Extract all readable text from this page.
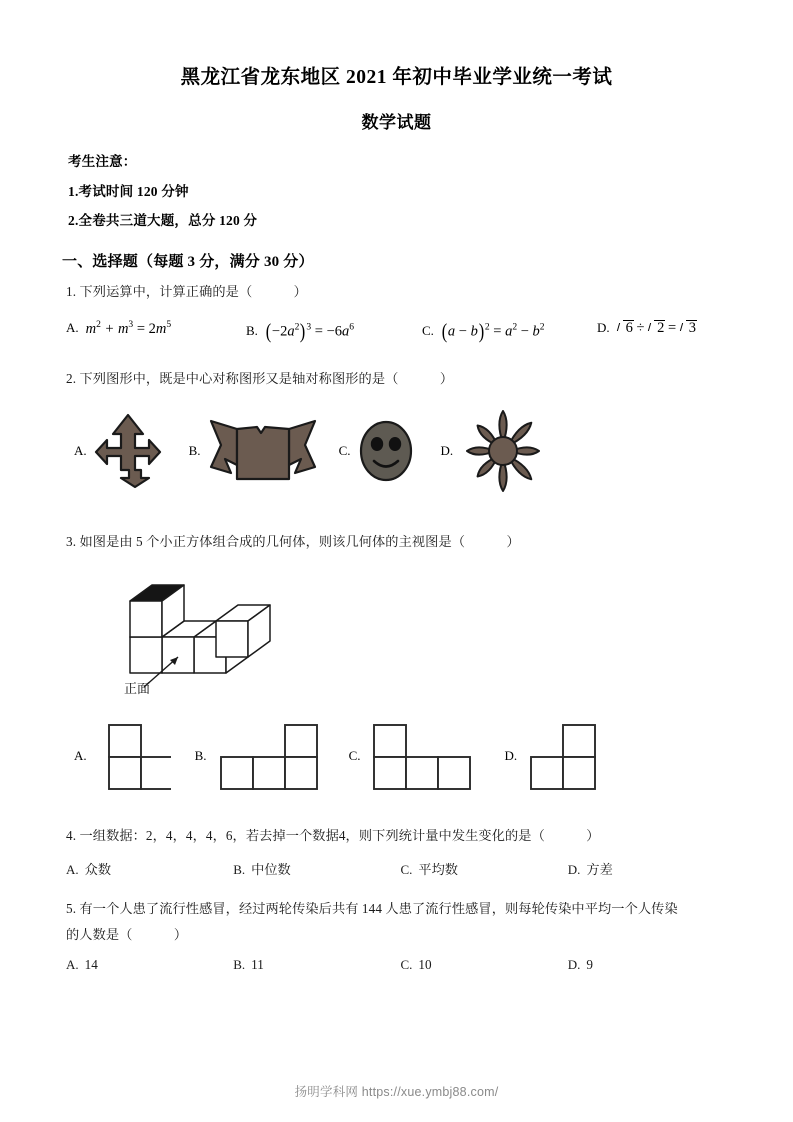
黑龙江省龙东地区 2021 年初中毕业学业统一考试
数学试题

考生注意：

1.考试时间 120 分钟

2.全卷共三道大题，总分 120 分

一、选择题（每题 3 分，满分 30 分）

1. 下列运算中，计算正确的是（	）

A. $m^2 + m^3 = 2m^5$	B. $(-2a^2)^3 = -6a^6$	C. $(a - b)^2 = a^2 - b^2$	D.	6 ÷ 2 = 3

2. 下列图形中，既是中心对称图形又是轴对称图形的是（	）

A.	B.	C.	D.

3. 如图是由 5 个小正方体组合成的几何体，则该几何体的主视图是（	）

正面
A.	B.	C.	D.

4. 一组数据：2，4，4，4，6，若去掉一个数据4，则下列统计量中发生变化的是（	）

A. 众数	B. 中位数	C. 平均数	D. 方差

5. 有一个人患了流行性感冒，经过两轮传染后共有 144 人患了流行性感冒，则每轮传染中平均一个人传染

的人数是（	）

A. 14	B. 11	C. 10	D. 9
扬明学科网 https://xue.ymbj88.com/
